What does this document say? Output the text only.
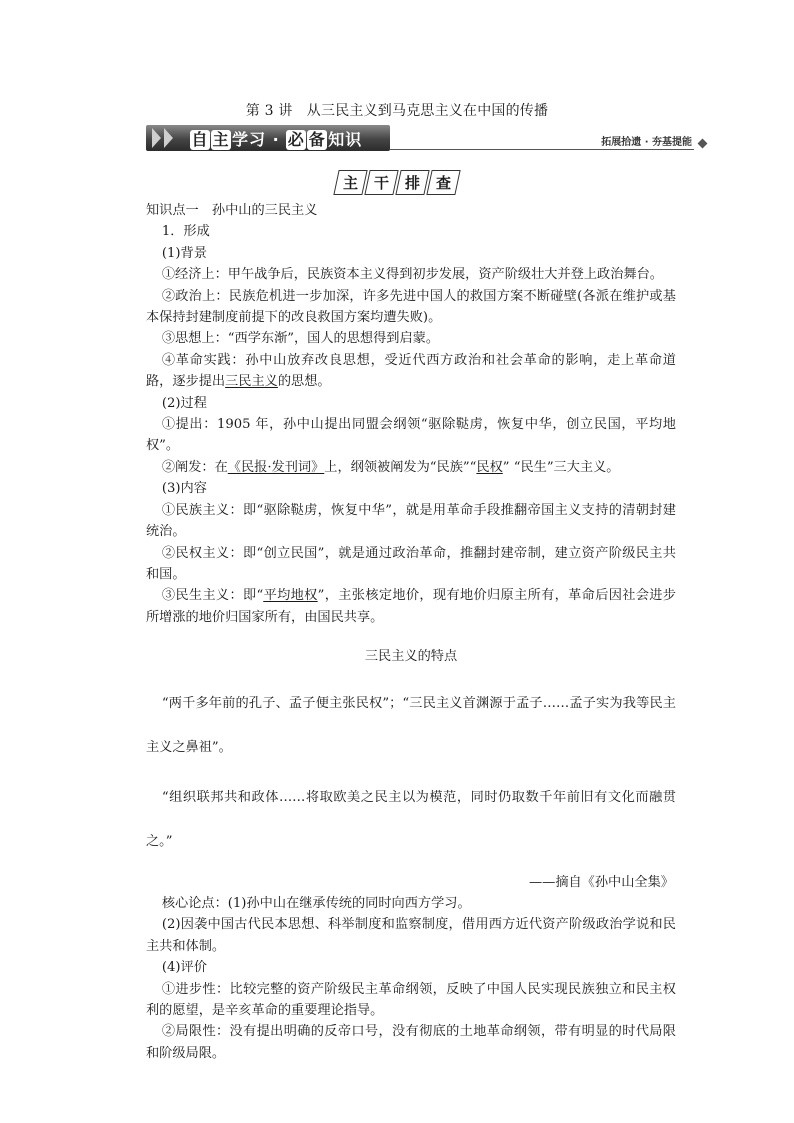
第 3 讲　从三民主义到马克思主义在中国的传播
自 主 学习 · 必 备 知识	拓展拾遗 · 夯基提能
主 干 排 查

知识点一　孙中山的三民主义

1．形成

(1)背景

①经济上：甲午战争后，民族资本主义得到初步发展，资产阶级壮大并登上政治舞台。

②政治上：民族危机进一步加深，许多先进中国人的救国方案不断碰壁(各派在维护或基本保持封建制度前提下的改良救国方案均遭失败)。

③思想上：“西学东渐”，国人的思想得到启蒙。

④革命实践：孙中山放弃改良思想，受近代西方政治和社会革命的影响，走上革命道路，逐步提出三民主义的思想。

(2)过程

①提出：1905 年，孙中山提出同盟会纲领“驱除鞑虏，恢复中华，创立民国，平均地权”。

②阐发：在《民报·发刊词》上，纲领被阐发为“民族”“民权” “民生”三大主义。

(3)内容

①民族主义：即“驱除鞑虏，恢复中华”，就是用革命手段推翻帝国主义支持的清朝封建统治。

②民权主义：即“创立民国”，就是通过政治革命，推翻封建帝制，建立资产阶级民主共和国。

③民生主义：即“平均地权”，主张核定地价，现有地价归原主所有，革命后因社会进步所增涨的地价归国家所有，由国民共享。

三民主义的特点

“两千多年前的孔子、孟子便主张民权”；“三民主义首渊源于孟子……孟子实为我等民主主义之鼻祖”。

“组织联邦共和政体……将取欧美之民主以为模范，同时仍取数千年前旧有文化而融贯之。”

——摘自《孙中山全集》

核心论点：(1)孙中山在继承传统的同时向西方学习。

(2)因袭中国古代民本思想、科举制度和监察制度，借用西方近代资产阶级政治学说和民主共和体制。

(4)评价

①进步性：比较完整的资产阶级民主革命纲领，反映了中国人民实现民族独立和民主权利的愿望，是辛亥革命的重要理论指导。

②局限性：没有提出明确的反帝口号，没有彻底的土地革命纲领，带有明显的时代局限和阶级局限。
